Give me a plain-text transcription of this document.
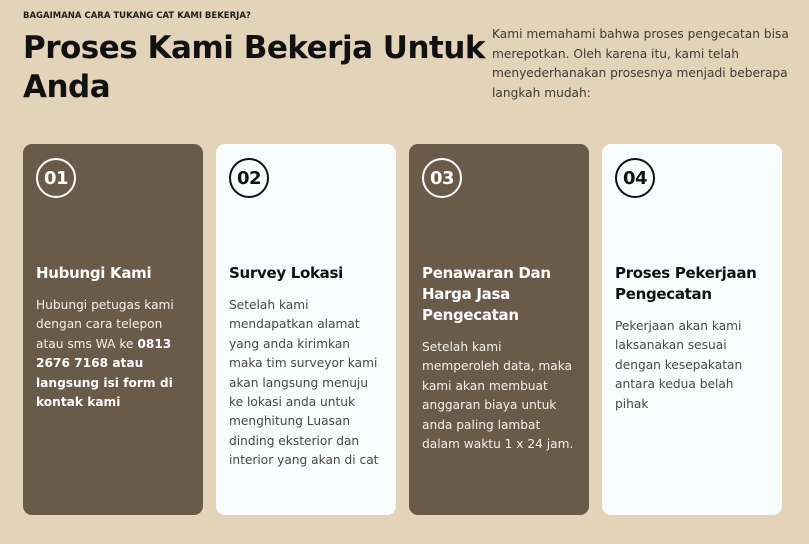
BAGAIMANA CARA TUKANG CAT KAMI BEKERJA?
Proses Kami Bekerja Untuk Anda

Kami memahami bahwa proses pengecatan bisa merepotkan. Oleh karena itu, kami telah menyederhanakan prosesnya menjadi beberapa langkah mudah:

01
Hubungi Kami

Hubungi petugas kami dengan cara telepon atau sms WA ke 0813 2676 7168 atau langsung isi form di kontak kami

02
Survey Lokasi

Setelah kami mendapatkan alamat yang anda kirimkan maka tim surveyor kami akan langsung menuju ke lokasi anda untuk menghitung Luasan dinding eksterior dan interior yang akan di cat

03
Penawaran Dan Harga Jasa Pengecatan

Setelah kami memperoleh data, maka kami akan membuat anggaran biaya untuk anda paling lambat dalam waktu 1 x 24 jam.

04
Proses Pekerjaan Pengecatan

Pekerjaan akan kami laksanakan sesuai dengan kesepakatan antara kedua belah pihak
